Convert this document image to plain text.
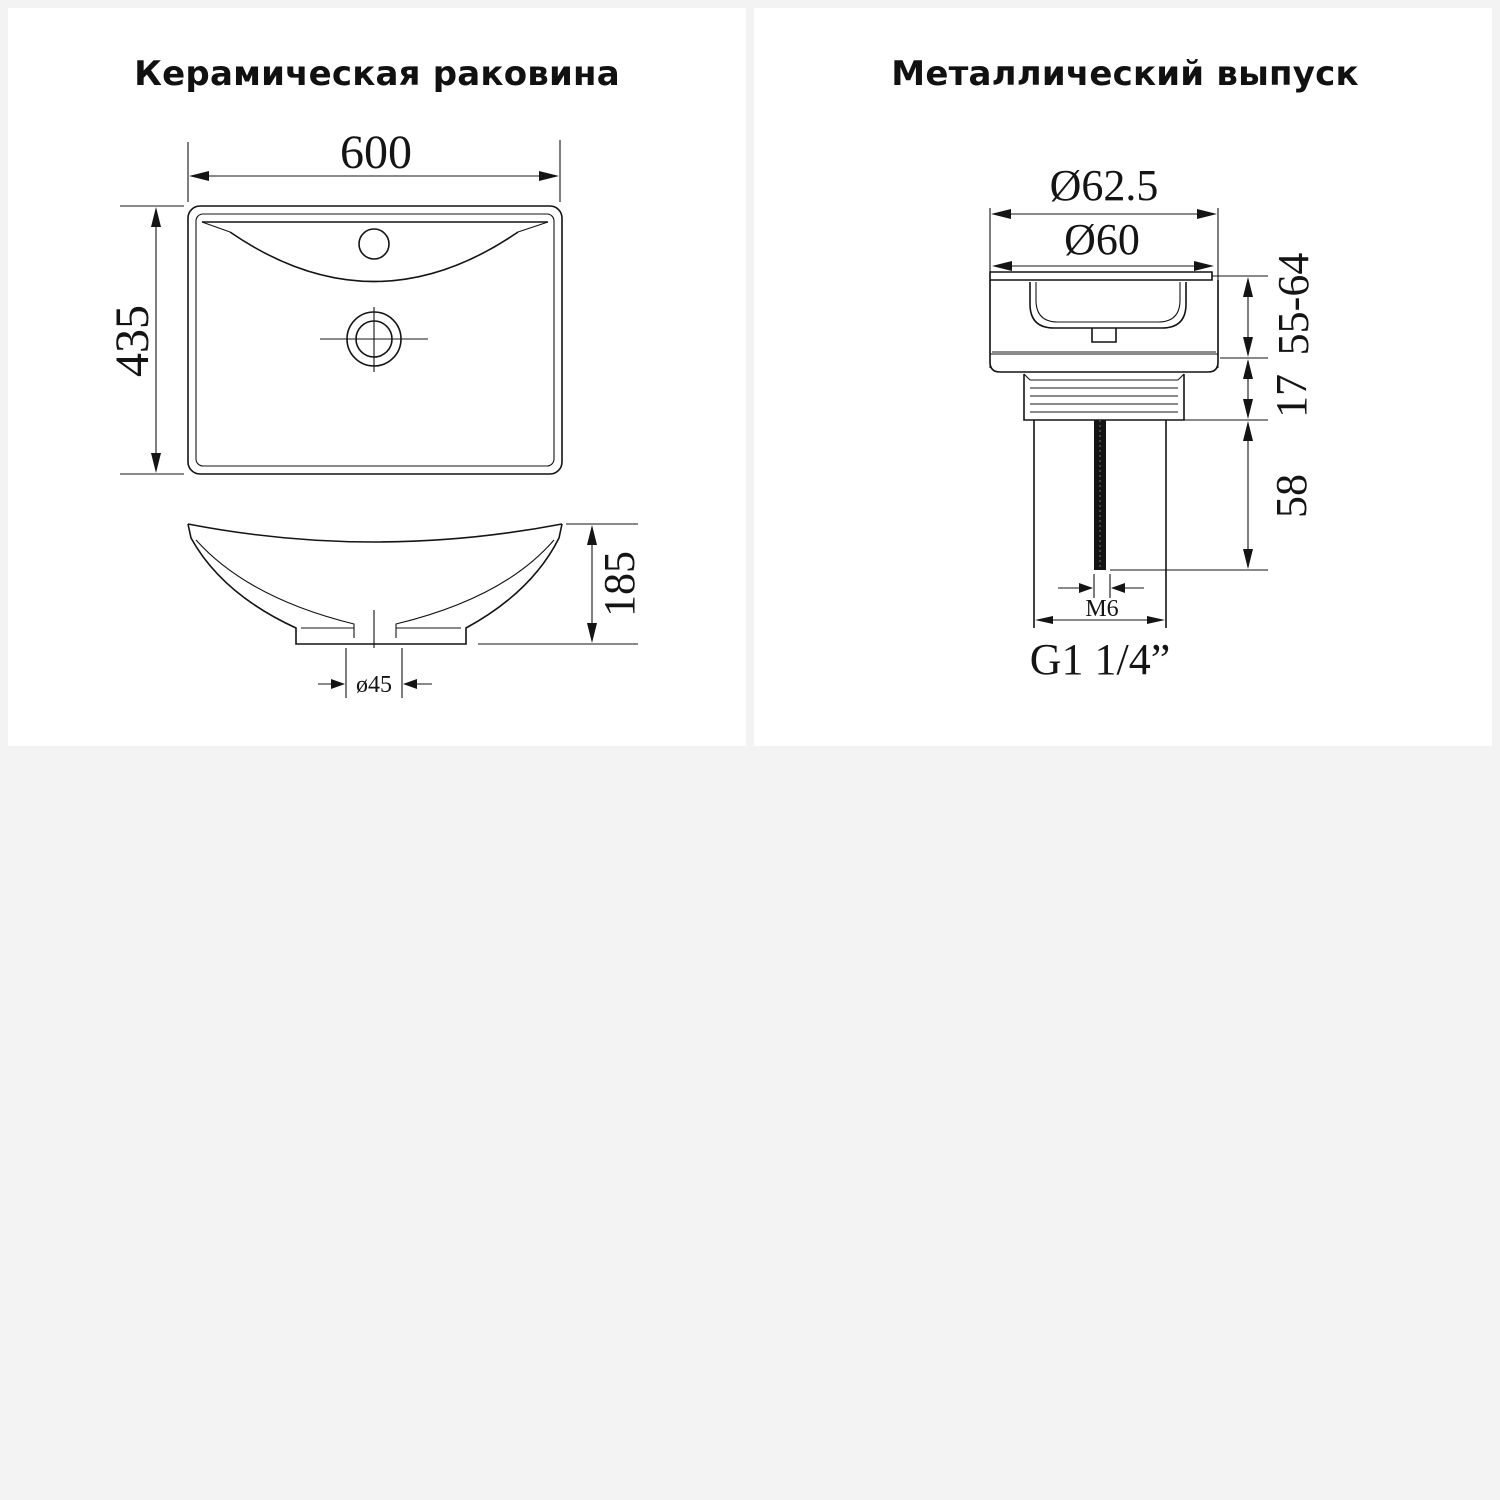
Керамическая раковина
600
435
185
ø45
Металлический выпуск
Ø62.5
Ø60
55-64
17
58
M6
G1 1/4”
